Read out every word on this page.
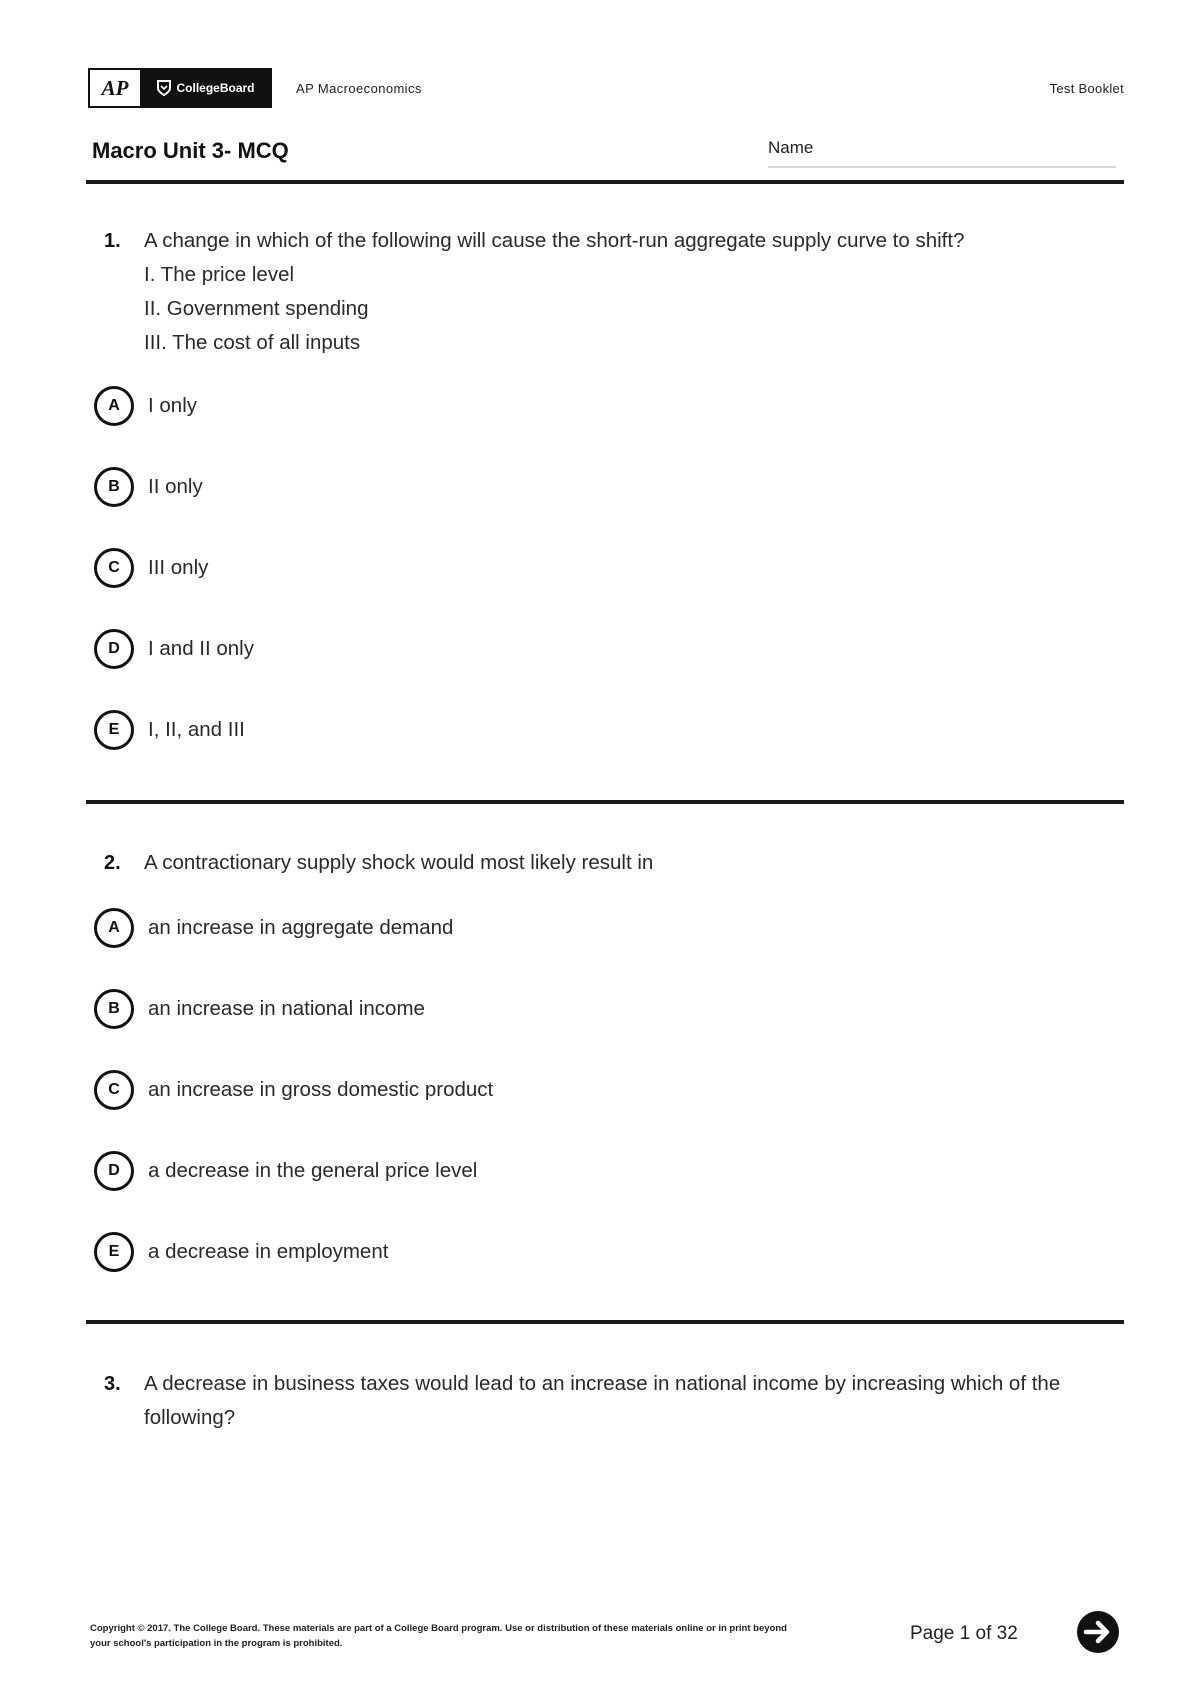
AP	CollegeBoard	AP Macroeconomics	Test Booklet
Macro Unit 3- MCQ	Name
1.	A change in which of the following will cause the short-run aggregate supply curve to shift?
I. The price level
II. Government spending
III. The cost of all inputs
A	I only
B	II only
C	III only
D	I and II only
E	I, II, and III
2.	A contractionary supply shock would most likely result in
A	an increase in aggregate demand
B	an increase in national income
C	an increase in gross domestic product
D	a decrease in the general price level
E	a decrease in employment
3.	A decrease in business taxes would lead to an increase in national income by increasing which of the following?
Copyright © 2017. The College Board. These materials are part of a College Board program. Use or distribution of these materials online or in print beyond your school's participation in the program is prohibited.	Page 1 of 32
